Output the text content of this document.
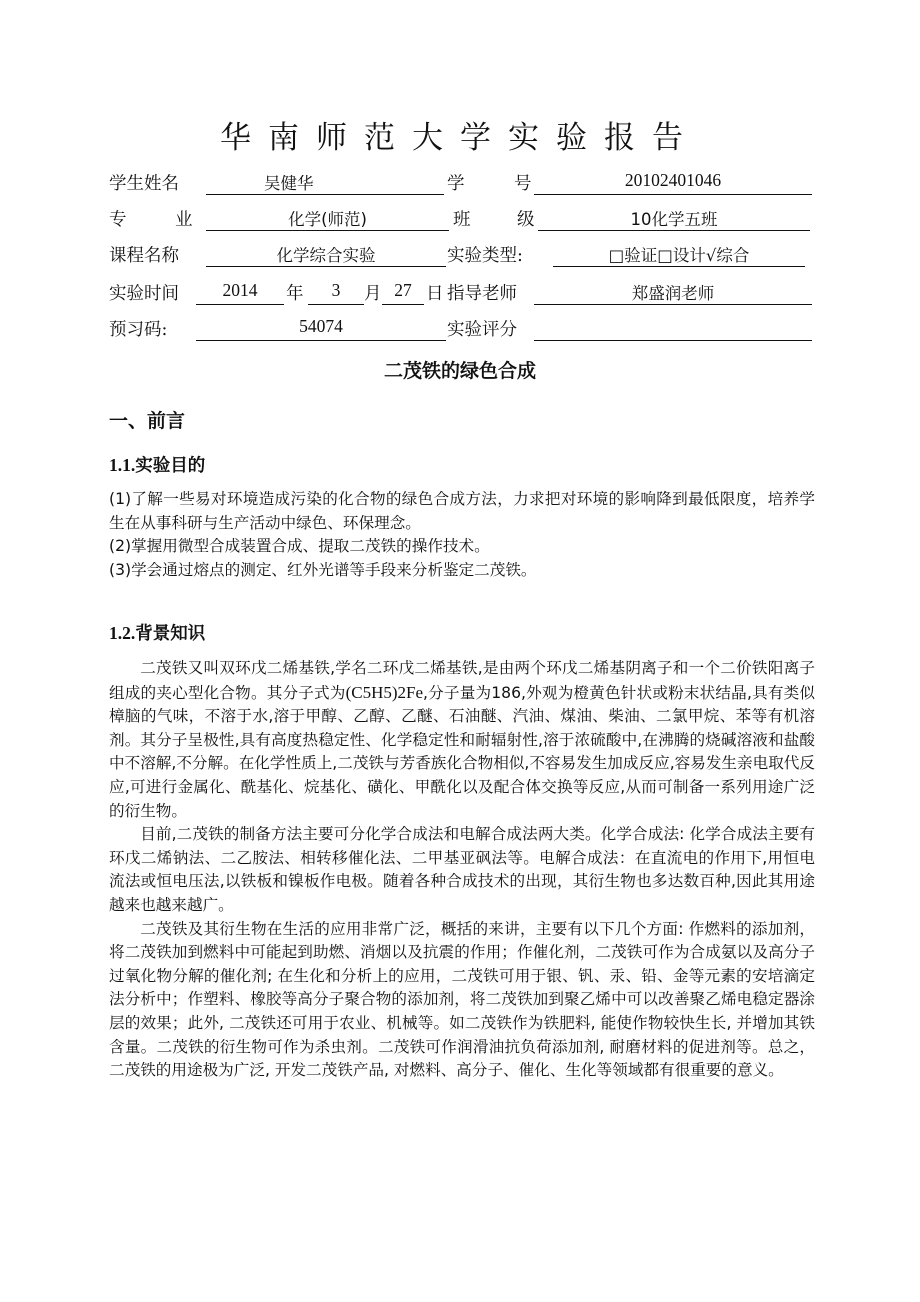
华南师范大学实验报告
学生姓名	吴健华	学	号	20102401046
专	业	化学(师范)	班	级	10化学五班
课程名称	化学综合实验	实验类型:	□验证□设计√综合
实验时间	2014	年	3	月 27 日 指导老师	郑盛润老师
预习码:	54074	实验评分
二茂铁的绿色合成
一、前言
1.1.实验目的

(1)了解一些易对环境造成污染的化合物的绿色合成方法，力求把对环境的影响降到最低限度，培养学生在从事科研与生产活动中绿色、环保理念。

(2)掌握用微型合成装置合成、提取二茂铁的操作技术。

(3)学会通过熔点的测定、红外光谱等手段来分析鉴定二茂铁。

1.2.背景知识

二茂铁又叫双环戊二烯基铁,学名二环戊二烯基铁,是由两个环戊二烯基阴离子和一个二价铁阳离子组成的夹心型化合物。其分子式为(C5H5)2Fe,分子量为186,外观为橙黄色针状或粉末状结晶,具有类似樟脑的气味，不溶于水,溶于甲醇、乙醇、乙醚、石油醚、汽油、煤油、柴油、二氯甲烷、苯等有机溶剂。其分子呈极性,具有高度热稳定性、化学稳定性和耐辐射性,溶于浓硫酸中,在沸腾的烧碱溶液和盐酸中不溶解,不分解。在化学性质上,二茂铁与芳香族化合物相似,不容易发生加成反应,容易发生亲电取代反应,可进行金属化、酰基化、烷基化、磺化、甲酰化以及配合体交换等反应,从而可制备一系列用途广泛的衍生物。

目前,二茂铁的制备方法主要可分化学合成法和电解合成法两大类。化学合成法: 化学合成法主要有环戊二烯钠法、二乙胺法、相转移催化法、二甲基亚砜法等。电解合成法：在直流电的作用下,用恒电流法或恒电压法,以铁板和镍板作电极。随着各种合成技术的出现，其衍生物也多达数百种,因此其用途越来也越来越广。

二茂铁及其衍生物在生活的应用非常广泛，概括的来讲，主要有以下几个方面: 作燃料的添加剂，将二茂铁加到燃料中可能起到助燃、消烟以及抗震的作用；作催化剂，二茂铁可作为合成氨以及高分子过氧化物分解的催化剂; 在生化和分析上的应用，二茂铁可用于银、钒、汞、铅、金等元素的安培滴定法分析中；作塑料、橡胶等高分子聚合物的添加剂，将二茂铁加到聚乙烯中可以改善聚乙烯电稳定器涂层的效果；此外, 二茂铁还可用于农业、机械等。如二茂铁作为铁肥料, 能使作物较快生长, 并增加其铁含量。二茂铁的衍生物可作为杀虫剂。二茂铁可作润滑油抗负荷添加剂, 耐磨材料的促进剂等。总之，二茂铁的用途极为广泛, 开发二茂铁产品, 对燃料、高分子、催化、生化等领域都有很重要的意义。
